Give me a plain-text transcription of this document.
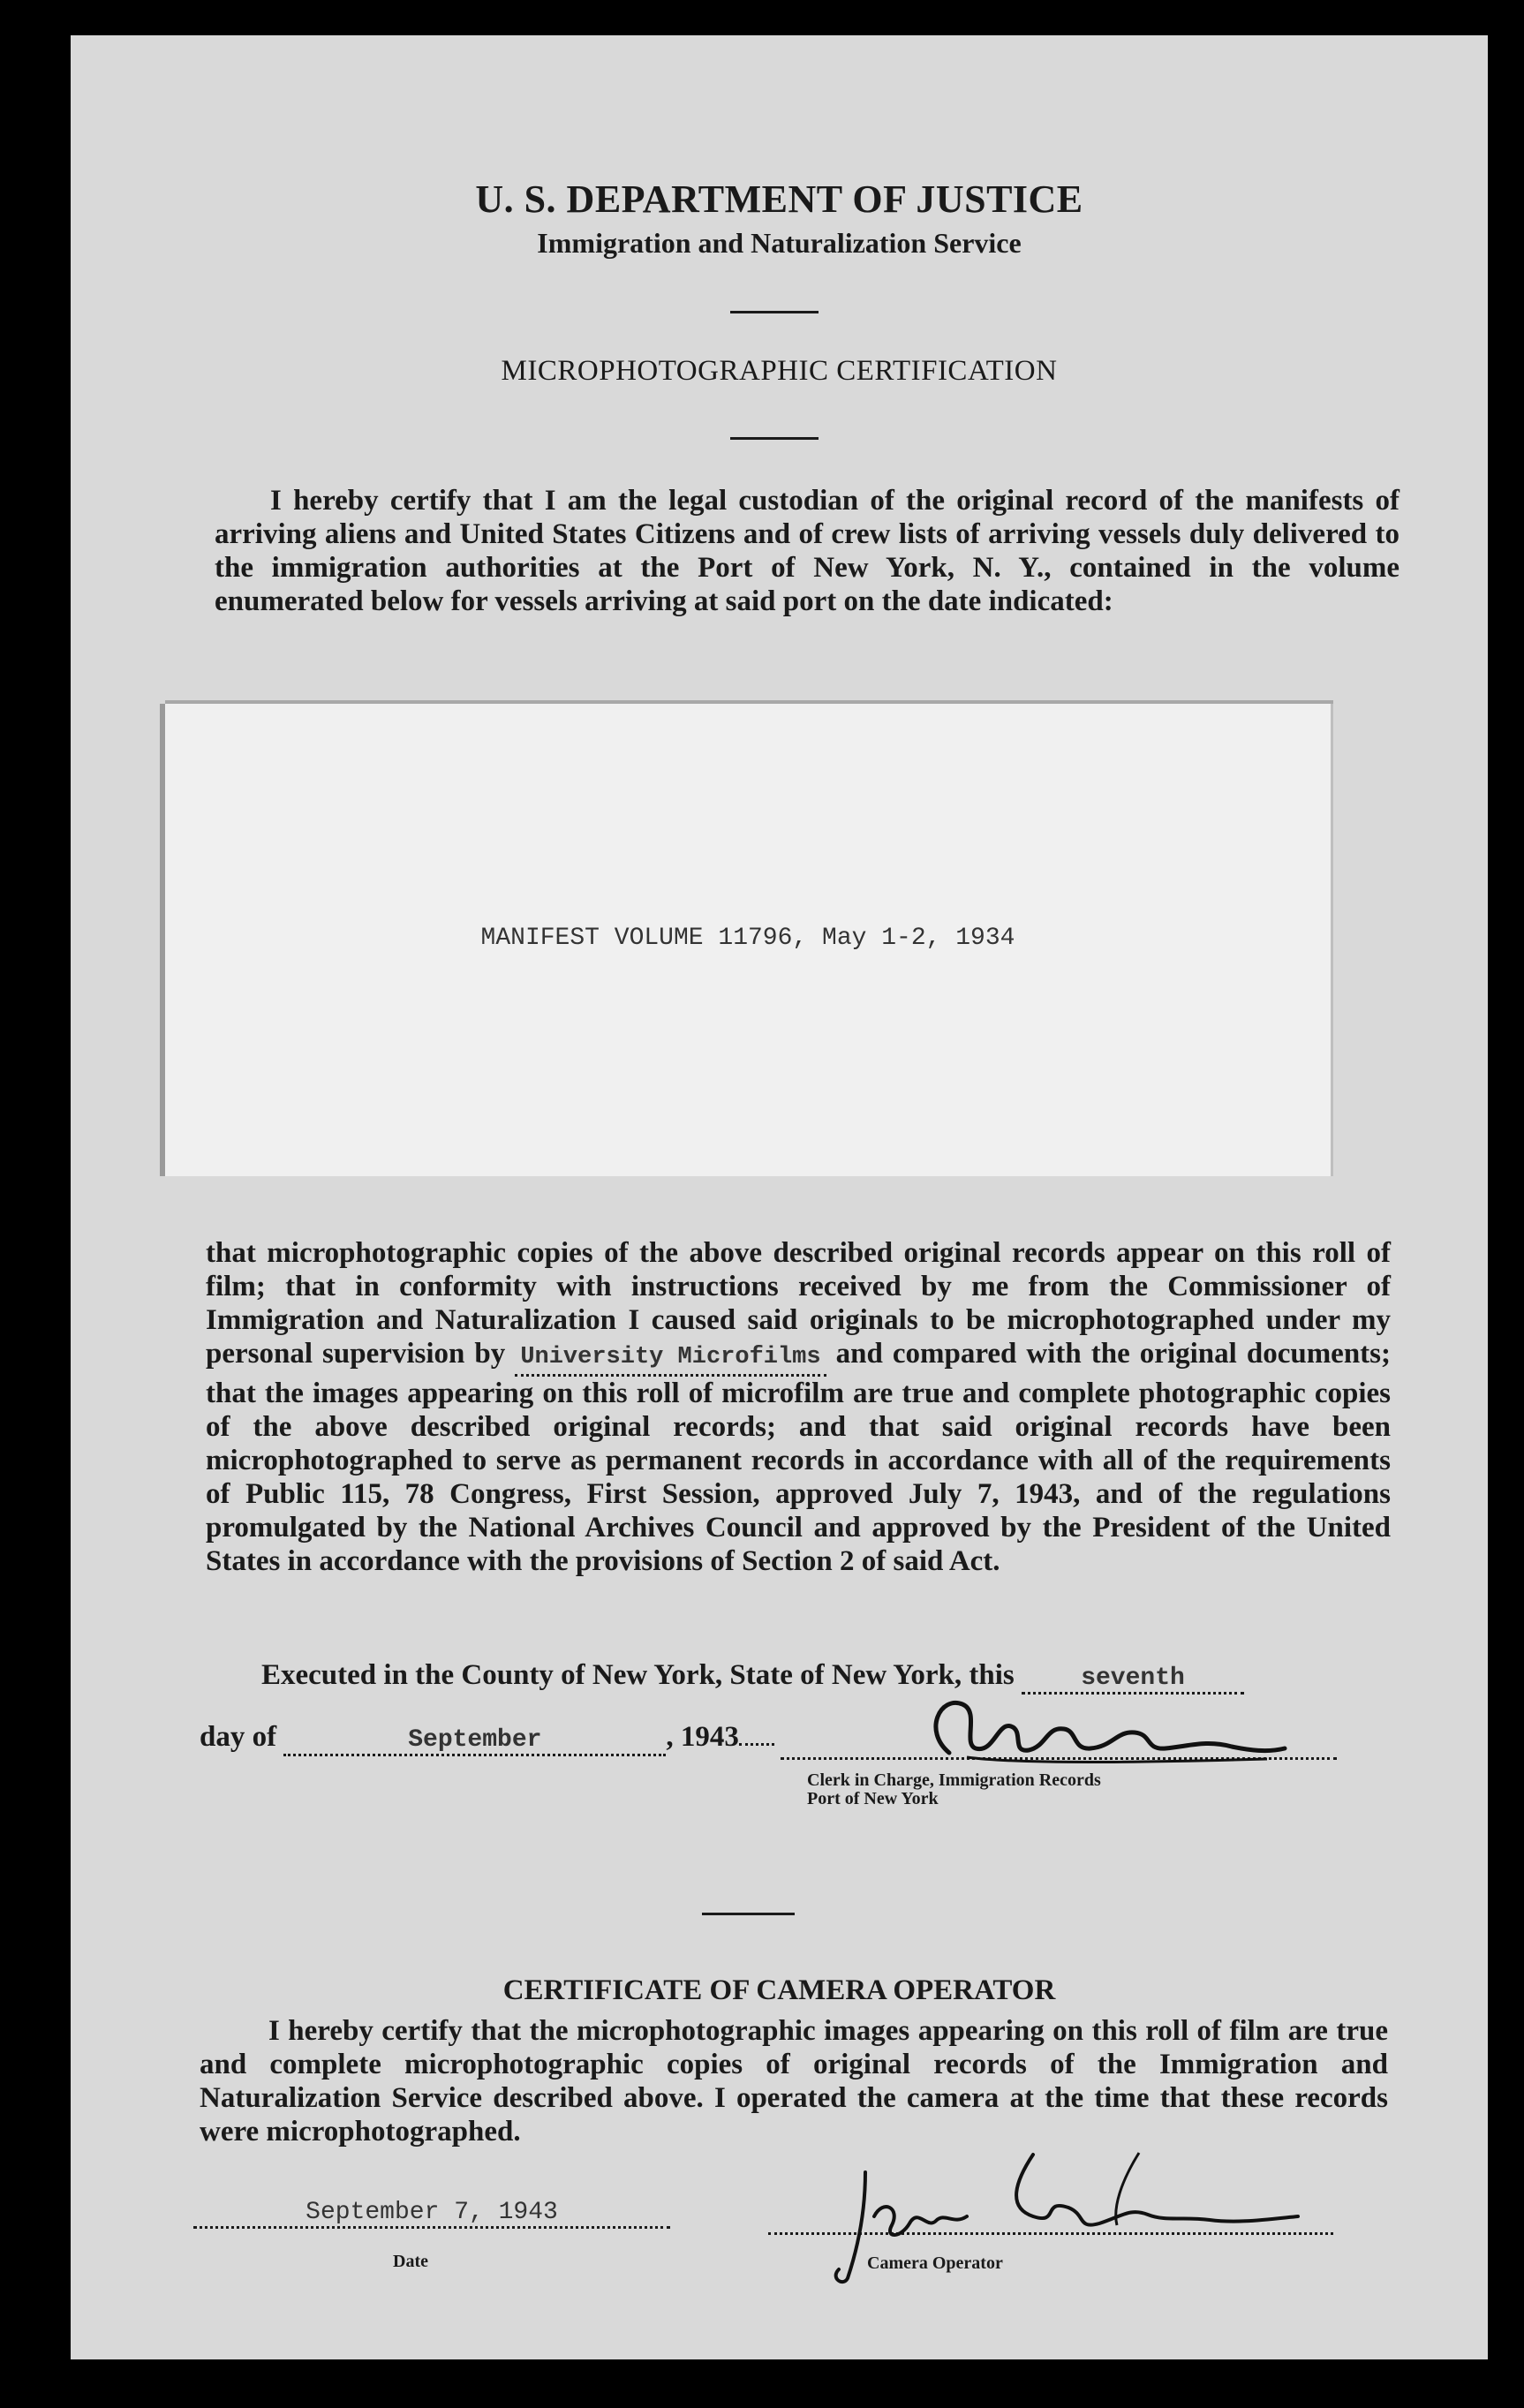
U. S. DEPARTMENT OF JUSTICE
Immigration and Naturalization Service
MICROPHOTOGRAPHIC CERTIFICATION
I hereby certify that I am the legal custodian of the original record of the manifests of arriving aliens and United States Citizens and of crew lists of arriving vessels duly delivered to the immigration authorities at the Port of New York, N. Y., contained in the volume enumerated below for vessels arriving at said port on the date indicated:
MANIFEST VOLUME 11796, May 1-2, 1934
that microphotographic copies of the above described original records appear on this roll of film; that in conformity with instructions received by me from the Commissioner of Immigration and Naturalization I caused said originals to be microphotographed under my personal supervision by University Microfilms and compared with the original documents; that the images appearing on this roll of microfilm are true and complete photographic copies of the above described original records; and that said original records have been microphotographed to serve as permanent records in accordance with all of the requirements of Public 115, 78 Congress, First Session, approved July 7, 1943, and of the regulations promulgated by the National Archives Council and approved by the President of the United States in accordance with the provisions of Section 2 of said Act.
Executed in the County of New York, State of New York, this	seventh
day of	September	, 1943
Clerk in Charge, Immigration Records
Port of New York
CERTIFICATE OF CAMERA OPERATOR
I hereby certify that the microphotographic images appearing on this roll of film are true and complete microphotographic copies of original records of the Immigration and Naturalization Service described above. I operated the camera at the time that these records were microphotographed.
September 7, 1943
Date	Camera Operator
